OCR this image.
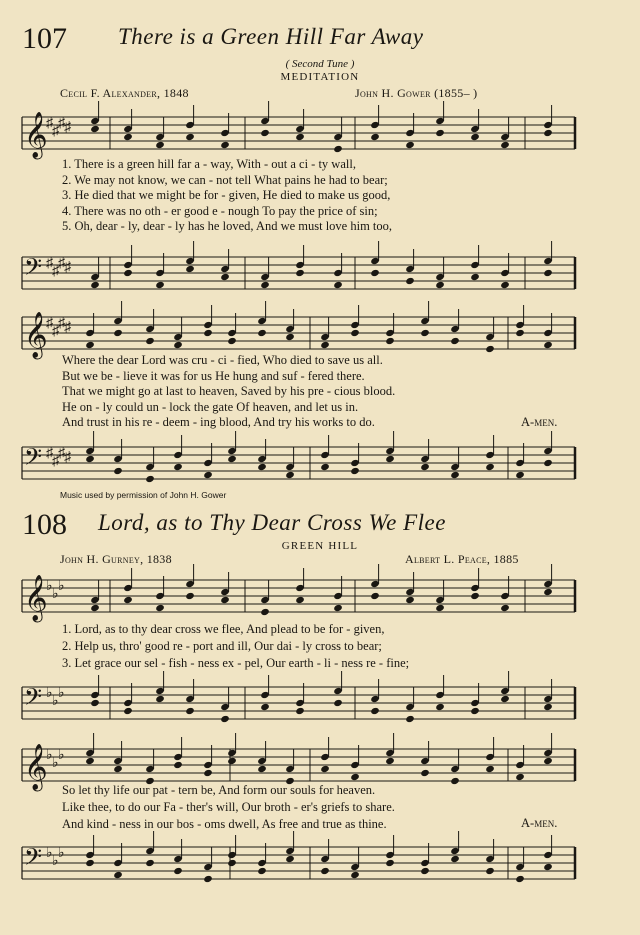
107 There is a Green Hill Far Away
( Second Tune )
MEDITATION
Cecil F. Alexander, 1848	John H. Gower (1855– )
𝄞
♯
♯
♯ ♯
1. There is a green hill far a - way, With - out a ci - ty wall,
2. We may not know, we can - not tell What pains he had to bear;
3. He died that we might be for - given, He died to make us good,
4. There was no oth - er good e - nough To pay the price of sin;
5. Oh, dear - ly, dear - ly has he loved, And we must love him too,
𝄢 ♯
♯
♯ ♯
𝄞
♯
♯
♯ ♯
Where the dear Lord was cru - ci - fied, Who died to save us all.
But we be - lieve it was for us He hung and suf - fered there.
That we might go at last to heaven, Saved by his pre - cious blood.
He on - ly could un - lock the gate Of heaven, and let us in.
And trust in his re - deem - ing blood, And try his works to do.	A-men.
𝄢 ♯
♯
♯ ♯
Music used by permission of John H. Gower
108 Lord, as to Thy Dear Cross We Flee
GREEN HILL
John H. Gurney, 1838	Albert L. Peace, 1885
𝄞
♭
♭
♭
1. Lord, as to thy dear cross we flee, And plead to be for - given,
2. Help us, thro' good re - port and ill, Our dai - ly cross to bear;
3. Let grace our sel - fish - ness ex - pel, Our earth - li - ness re - fine;
𝄢 ♭
♭
♭
𝄞
♭
♭
♭
So let thy life our pat - tern be, And form our souls for heaven.
Like thee, to do our Fa - ther's will, Our broth - er's griefs to share.
And kind - ness in our bos - oms dwell, As free and true as thine.	A-men.
𝄢 ♭
♭
♭
